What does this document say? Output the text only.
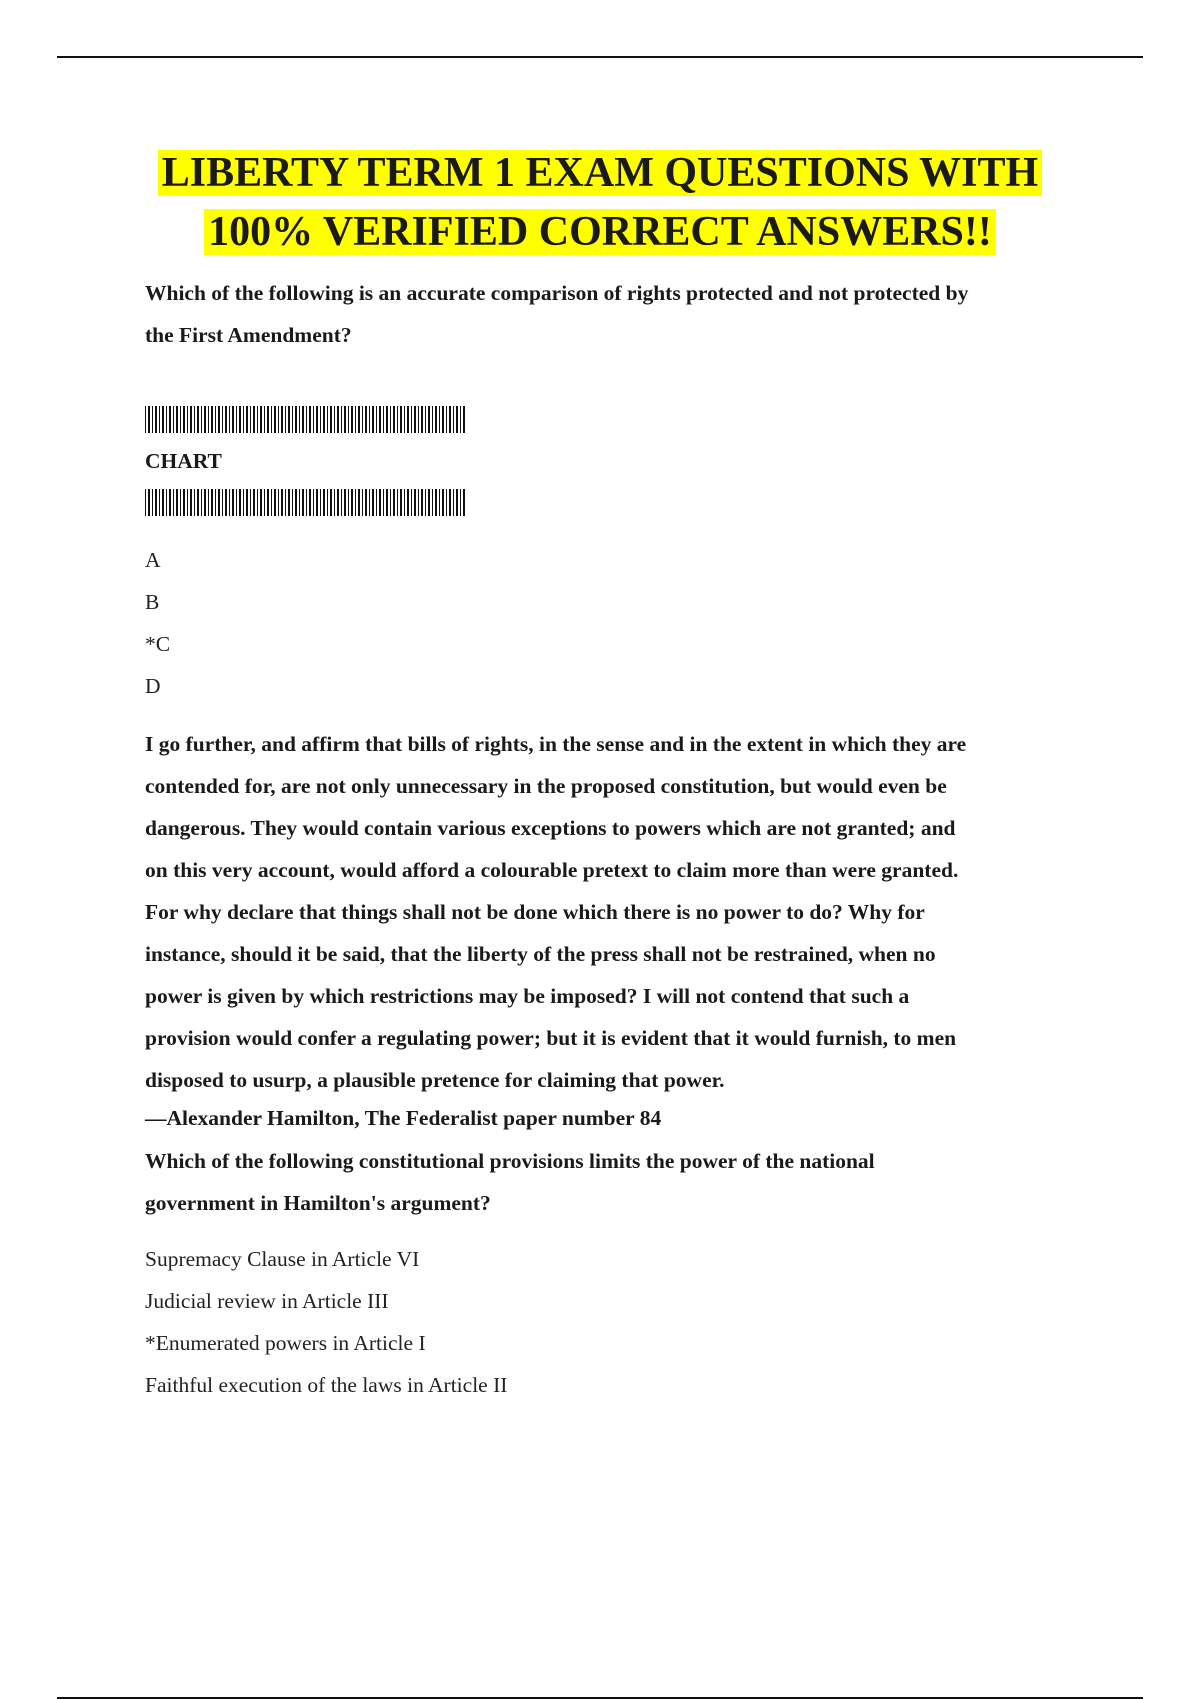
LIBERTY TERM 1 EXAM QUESTIONS WITH
100% VERIFIED CORRECT ANSWERS!!

Which of the following is an accurate comparison of rights protected and not protected by

the First Amendment?

CHART

A
B
*C
D

I go further, and affirm that bills of rights, in the sense and in the extent in which they are

contended for, are not only unnecessary in the proposed constitution, but would even be

dangerous. They would contain various exceptions to powers which are not granted; and

on this very account, would afford a colourable pretext to claim more than were granted.

For why declare that things shall not be done which there is no power to do? Why for

instance, should it be said, that the liberty of the press shall not be restrained, when no

power is given by which restrictions may be imposed? I will not contend that such a

provision would confer a regulating power; but it is evident that it would furnish, to men

disposed to usurp, a plausible pretence for claiming that power.

—Alexander Hamilton, The Federalist paper number 84

Which of the following constitutional provisions limits the power of the national

government in Hamilton's argument?

Supremacy Clause in Article VI
Judicial review in Article III
*Enumerated powers in Article I
Faithful execution of the laws in Article II
